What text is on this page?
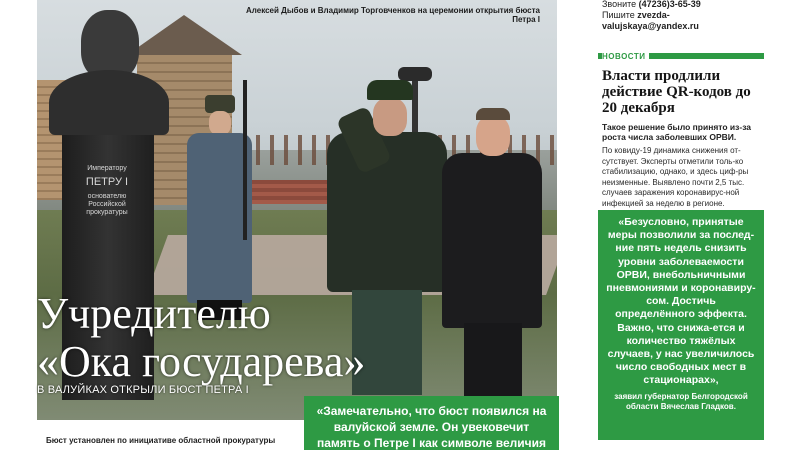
Императору
ПЕТРУ I
основателю
Российской
прокуратуры
Алексей Дыбов и Владимир Торговченков на церемонии открытия бюста Петра I
Учредителю
«Ока государева»
В ВАЛУЙКАХ ОТКРЫЛИ БЮСТ ПЕТРА I
«Замечательно, что бюст появился на валуйской земле. Он увековечит память о Петре I как символе величия
Бюст установлен по инициативе областной прокуратуры
Звоните (47236)3-65-39
Пишите zvezda-valujskaya@yandex.ru
НОВОСТИ
Власти продлили действие QR-кодов до 20 декабря
Такое решение было принято из-за роста числа заболевших ОРВИ.
По ковиду-19 динамика снижения от-сутствует. Эксперты отметили толь-ко стабилизацию, однако, и здесь циф-ры неизменные. Выявлено почти 2,5 тыс. случаев заражения коронавирус-ной инфекцией за неделю в регионе.
«Безусловно, принятые меры позволили за послед-ние пять недель снизить уровни заболеваемости ОРВИ, внебольничными пневмониями и коронавиру-сом. Достичь определённого эффекта. Важно, что снижа-ется и количество тяжёлых случаев, у нас увеличилось число свободных мест в стационарах»,
заявил губернатор Белгородской области Вячеслав Гладков.
